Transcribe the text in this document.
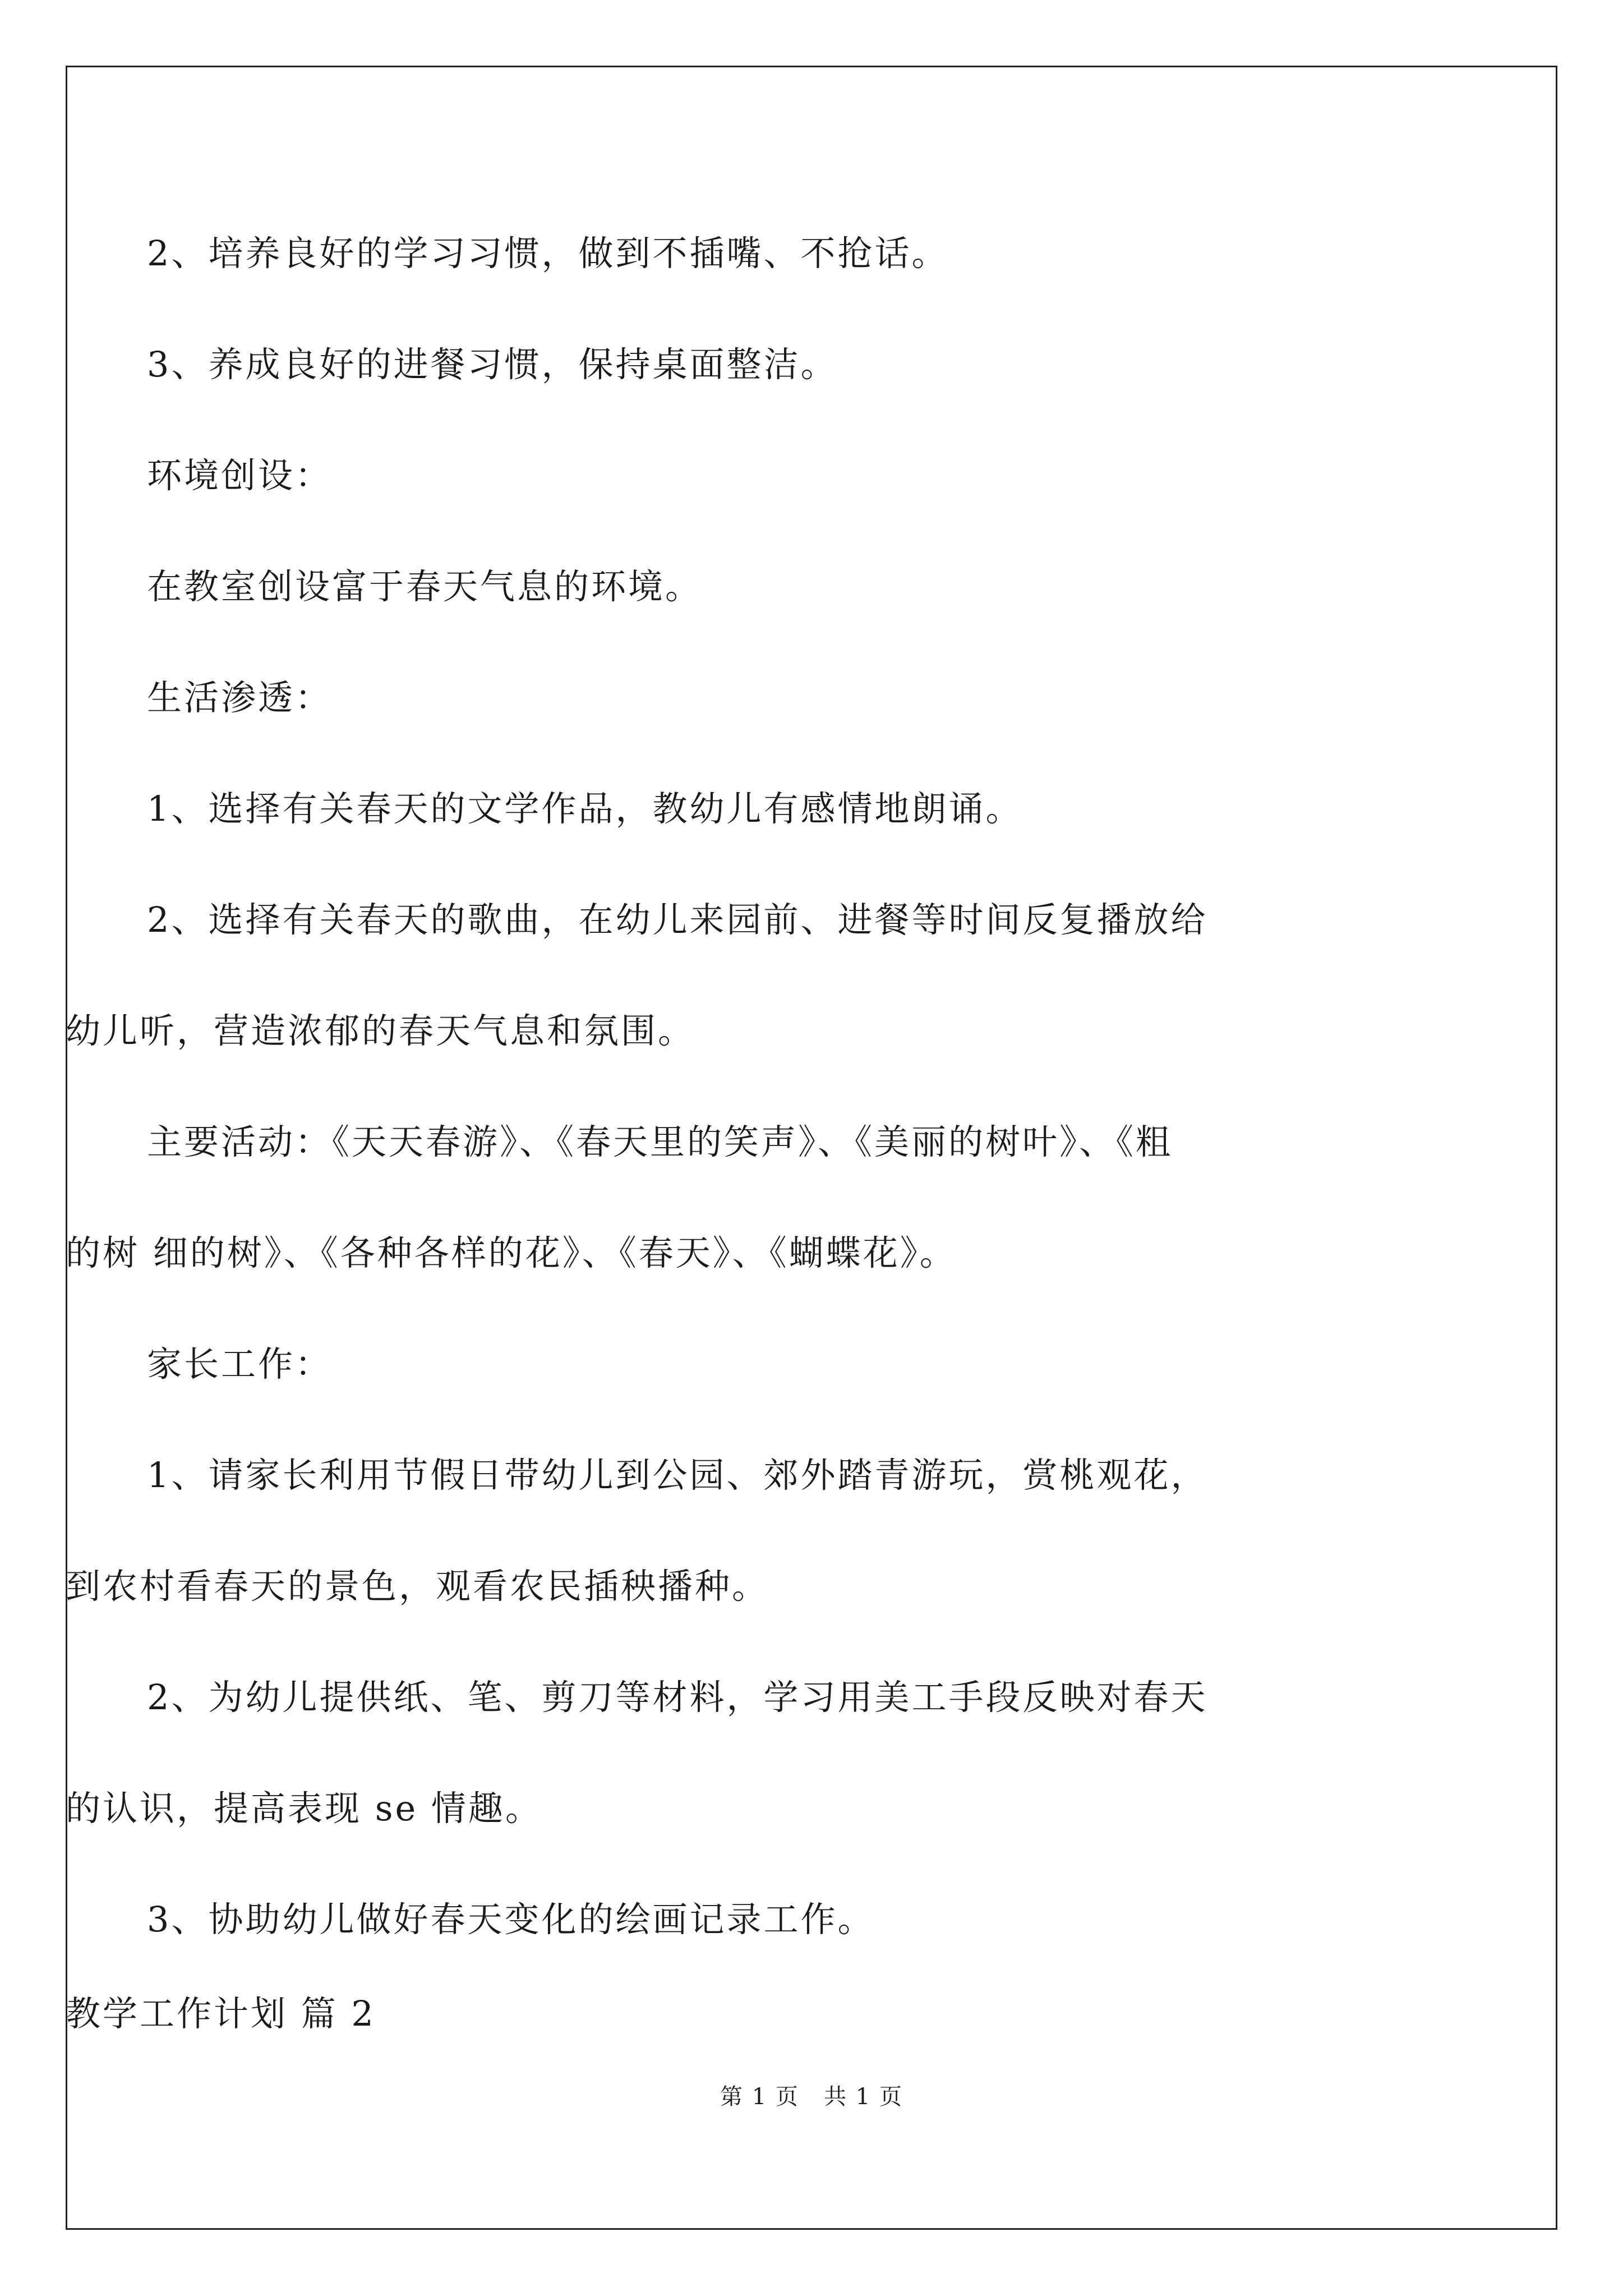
2、培养良好的学习习惯，做到不插嘴、不抢话。
3、养成良好的进餐习惯，保持桌面整洁。
环境创设：
在教室创设富于春天气息的环境。
生活渗透：
1、选择有关春天的文学作品，教幼儿有感情地朗诵。
2、选择有关春天的歌曲，在幼儿来园前、进餐等时间反复播放给
幼儿听，营造浓郁的春天气息和氛围。
主要活动：《天天春游》、《春天里的笑声》、《美丽的树叶》、《粗
的树 细的树》、《各种各样的花》、《春天》、《蝴蝶花》。
家长工作：
1、请家长利用节假日带幼儿到公园、郊外踏青游玩，赏桃观花，
到农村看春天的景色，观看农民插秧播种。
2、为幼儿提供纸、笔、剪刀等材料，学习用美工手段反映对春天
的认识，提高表现 se 情趣。
3、协助幼儿做好春天变化的绘画记录工作。
教学工作计划 篇 2
第 1 页   共 1 页
